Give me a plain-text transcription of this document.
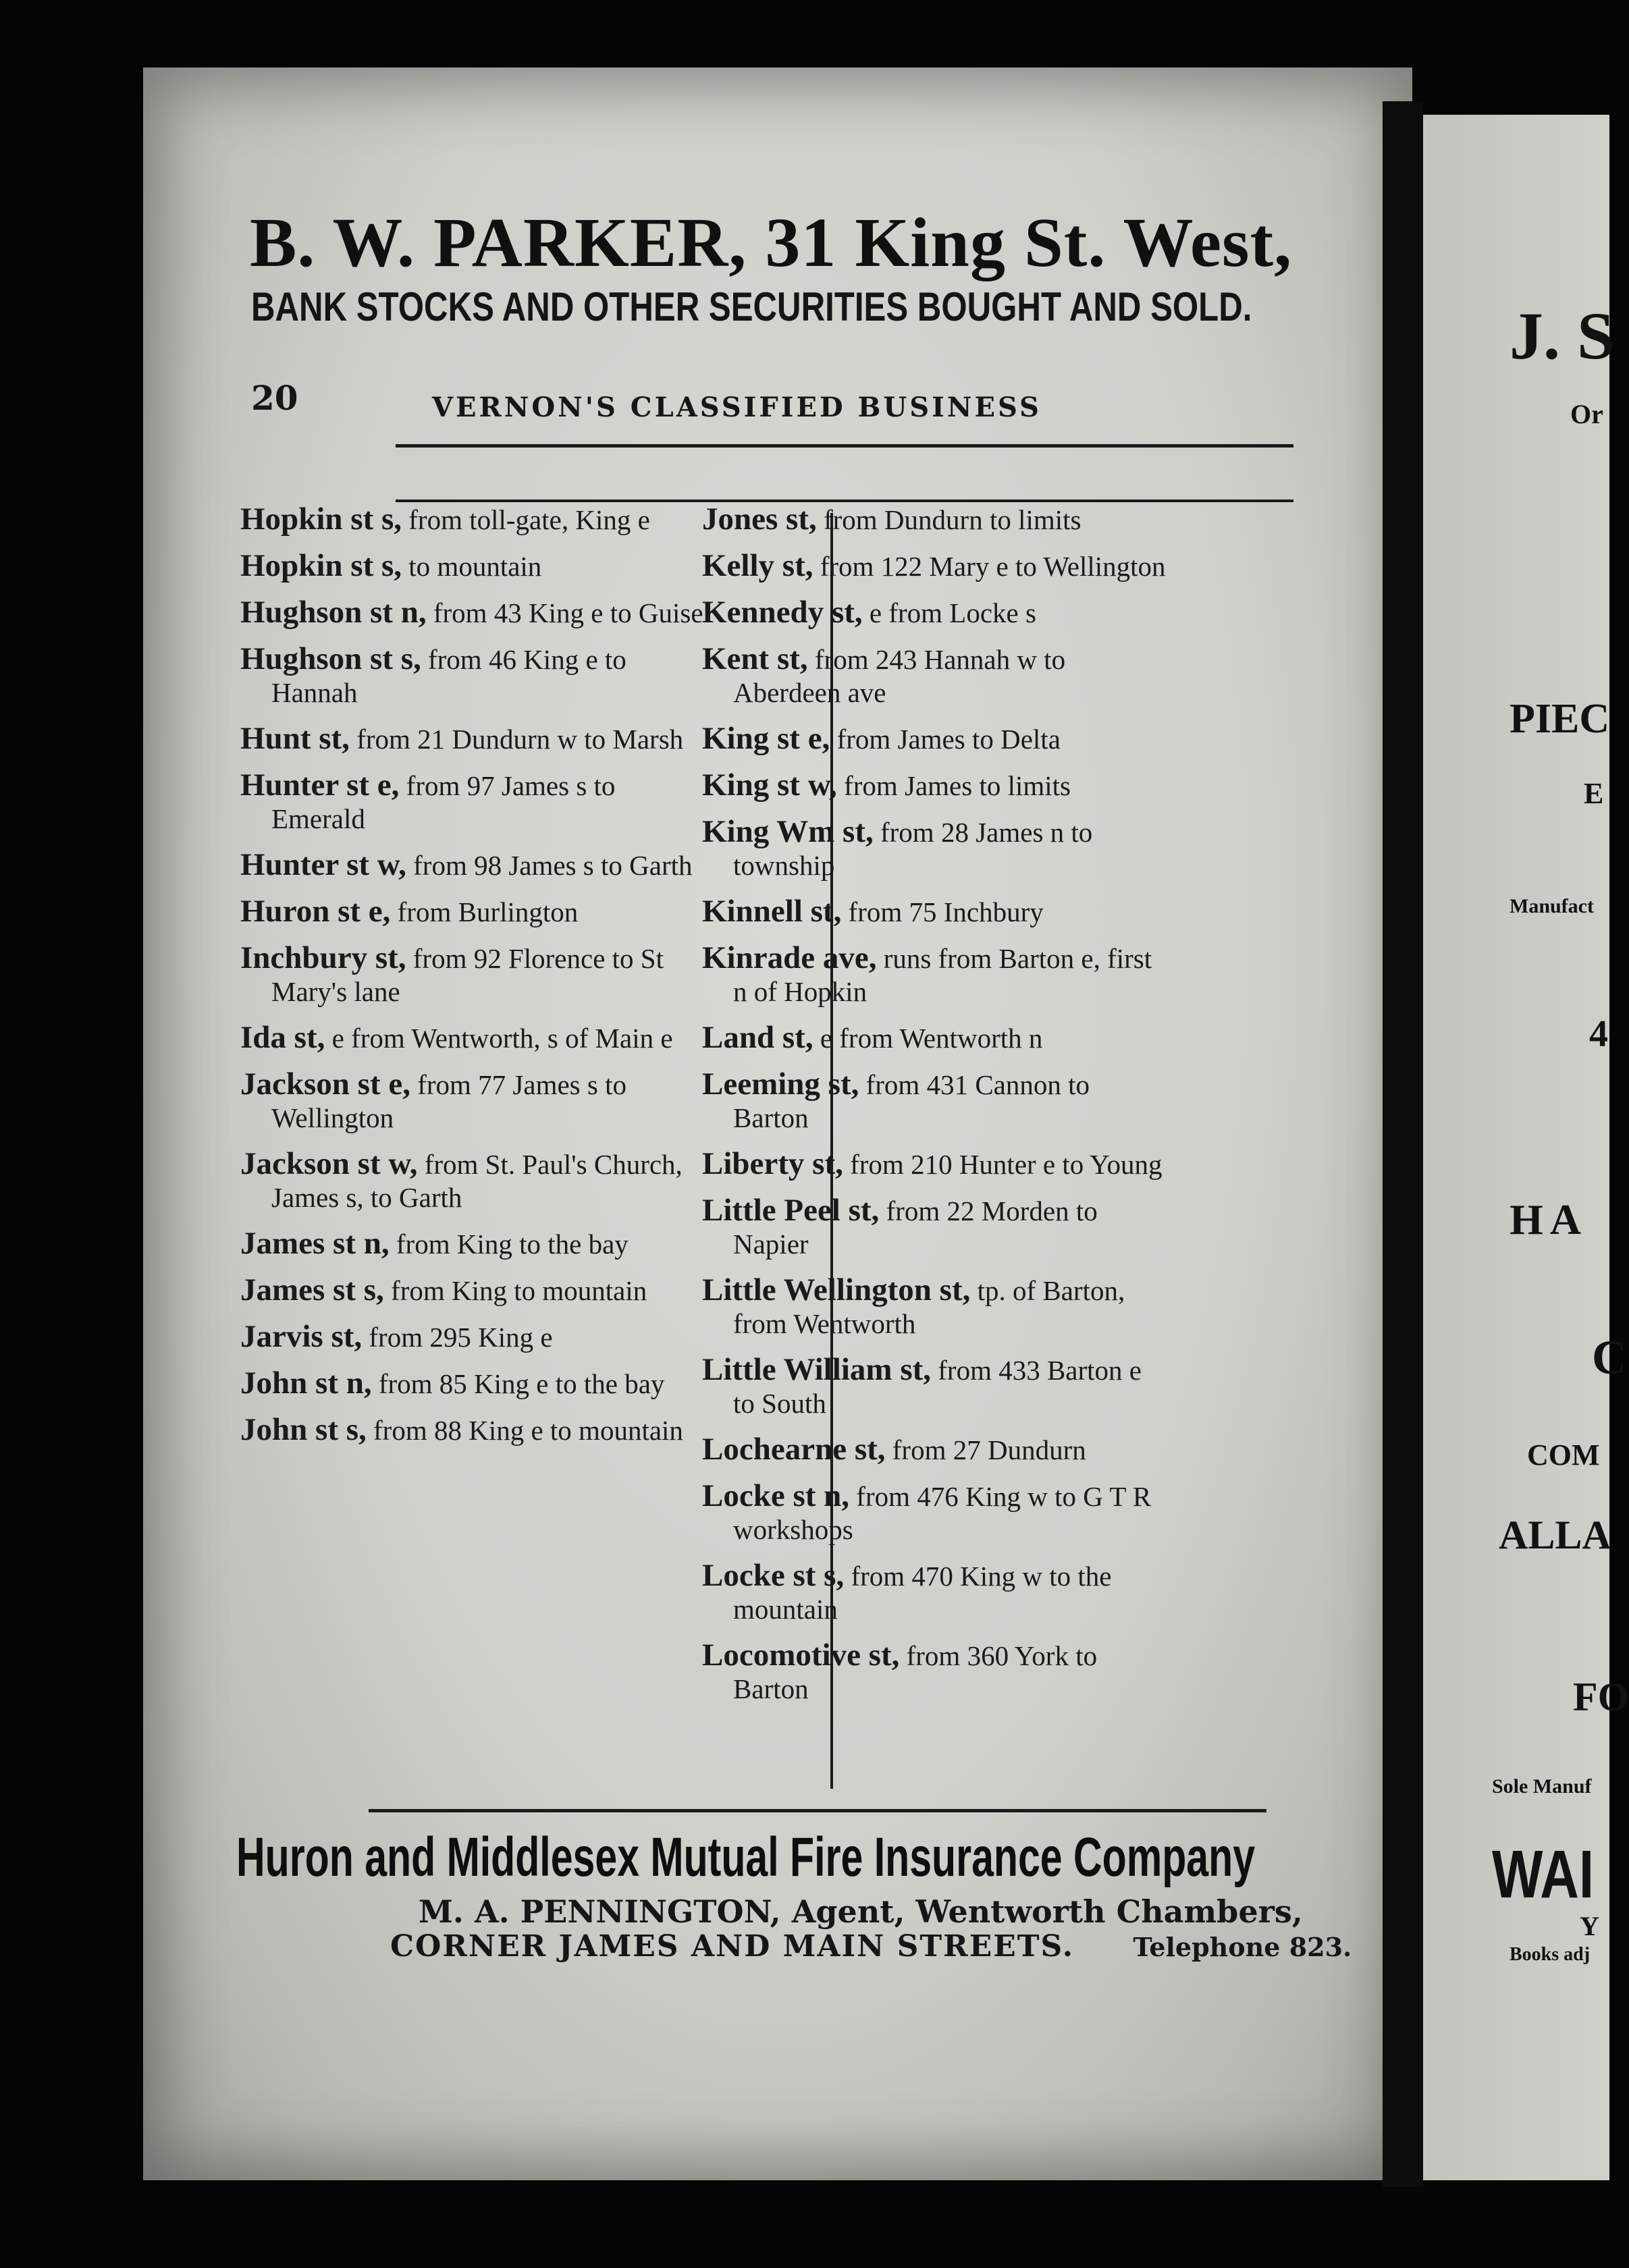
B. W. PARKER, 31 King St. West,
BANK STOCKS AND OTHER SECURITIES BOUGHT AND SOLD.
20	VERNON'S CLASSIFIED BUSINESS
Hopkin st s, from toll-gate, King e
Hopkin st s, to mountain
Hughson st n, from 43 King e to Guise
Hughson st s, from 46 King e to Hannah
Hunt st, from 21 Dundurn w to Marsh
Hunter st e, from 97 James s to Emerald
Hunter st w, from 98 James s to Garth
Huron st e, from Burlington
Inchbury st, from 92 Florence to St Mary's lane
Ida st, e from Wentworth, s of Main e
Jackson st e, from 77 James s to Wellington
Jackson st w, from St. Paul's Church, James s, to Garth
James st n, from King to the bay
James st s, from King to mountain
Jarvis st, from 295 King e
John st n, from 85 King e to the bay
John st s, from 88 King e to mountain
Jones st, from Dundurn to limits
Kelly st, from 122 Mary e to Wellington
Kennedy st, e from Locke s
Kent st, from 243 Hannah w to Aberdeen ave
King st e, from James to Delta
King st w, from James to limits
King Wm st, from 28 James n to township
Kinnell st, from 75 Inchbury
Kinrade ave, runs from Barton e, first n of Hopkin
Land st, e from Wentworth n
Leeming st, from 431 Cannon to Barton
Liberty st, from 210 Hunter e to Young
Little Peel st, from 22 Morden to Napier
Little Wellington st, tp. of Barton, from Wentworth
Little William st, from 433 Barton e to South
Lochearne st, from 27 Dundurn
Locke st n, from 476 King w to G T R workshops
Locke st s, from 470 King w to the mountain
Locomotive st, from 360 York to Barton
Huron and Middlesex Mutual Fire Insurance Company
M. A. PENNINGTON, Agent, Wentworth Chambers,
CORNER JAMES AND MAIN STREETS. Telephone 823.
J. S
Or
PIEC
E
Manufact
4
HA
C
COM
ALLA
FO
Sole Manuf
WAI
Y
Books adj
